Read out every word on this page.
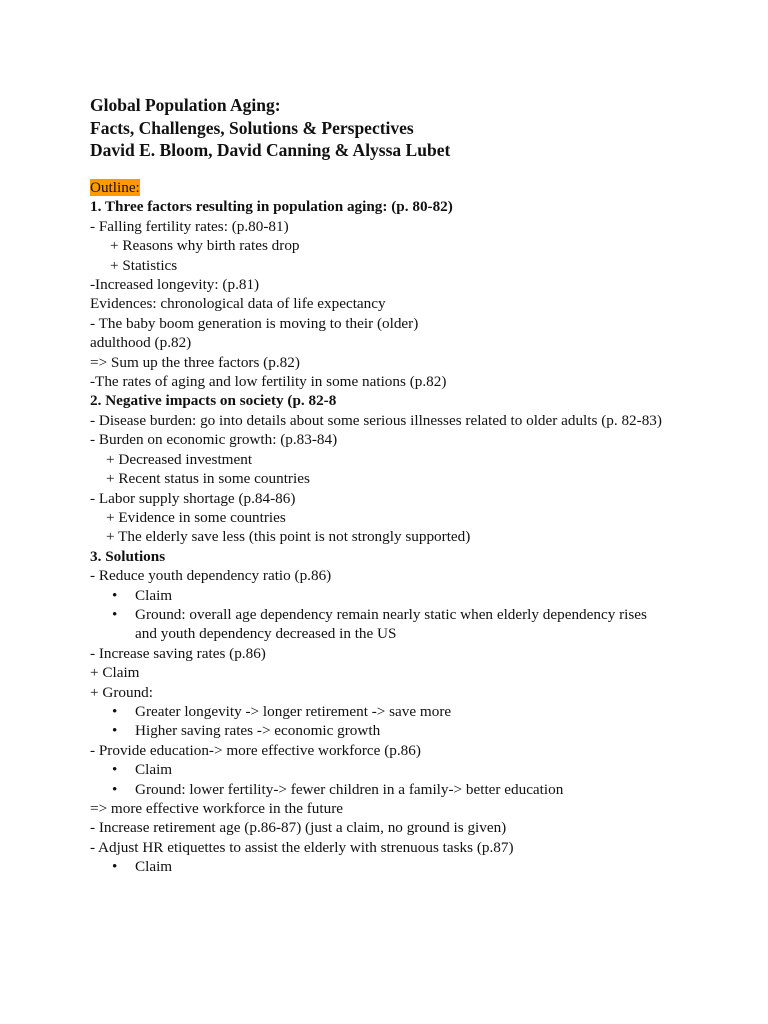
Global Population Aging:
Facts, Challenges, Solutions & Perspectives
David E. Bloom, David Canning & Alyssa Lubet
Outline:
1. Three factors resulting in population aging: (p. 80-82)
- Falling fertility rates: (p.80-81)
+ Reasons why birth rates drop
+ Statistics
-Increased longevity: (p.81)
Evidences: chronological data of life expectancy
- The baby boom generation is moving to their (older)
adulthood (p.82)
=> Sum up the three factors (p.82)
-The rates of aging and low fertility in some nations (p.82)
2. Negative impacts on society (p. 82-8
- Disease burden: go into details about some serious illnesses related to older adults (p. 82-83)
- Burden on economic growth: (p.83-84)
+ Decreased investment
+ Recent status in some countries
- Labor supply shortage (p.84-86)
+ Evidence in some countries
+ The elderly save less (this point is not strongly supported)
3. Solutions
- Reduce youth dependency ratio (p.86)
• Claim
• Ground: overall age dependency remain nearly static when elderly dependency rises and youth dependency decreased in the US
- Increase saving rates (p.86)
+ Claim
+ Ground:
• Greater longevity -> longer retirement -> save more
• Higher saving rates -> economic growth
- Provide education-> more effective workforce (p.86)
• Claim
• Ground: lower fertility-> fewer children in a family-> better education
=> more effective workforce in the future
- Increase retirement age (p.86-87) (just a claim, no ground is given)
- Adjust HR etiquettes to assist the elderly with strenuous tasks (p.87)
• Claim
